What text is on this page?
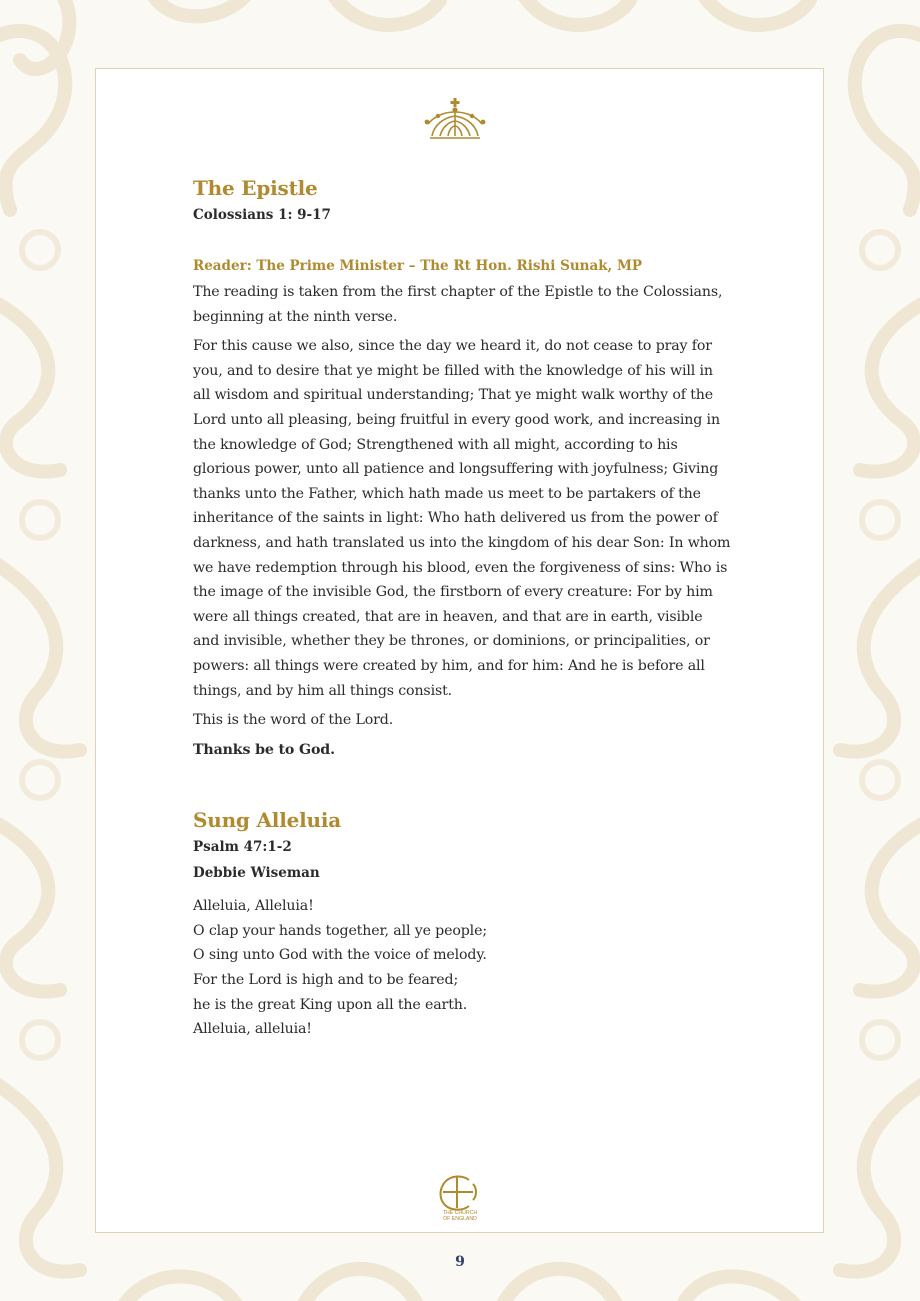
The Epistle

Colossians 1: 9-17

Reader: The Prime Minister – The Rt Hon. Rishi Sunak, MP

The reading is taken from the first chapter of the Epistle to the Colossians, beginning at the ninth verse.

For this cause we also, since the day we heard it, do not cease to pray for you, and to desire that ye might be filled with the knowledge of his will in all wisdom and spiritual understanding; That ye might walk worthy of the Lord unto all pleasing, being fruitful in every good work, and increasing in the knowledge of God; Strengthened with all might, according to his glorious power, unto all patience and longsuffering with joyfulness; Giving thanks unto the Father, which hath made us meet to be partakers of the inheritance of the saints in light: Who hath delivered us from the power of darkness, and hath translated us into the kingdom of his dear Son: In whom we have redemption through his blood, even the forgiveness of sins: Who is the image of the invisible God, the firstborn of every creature: For by him were all things created, that are in heaven, and that are in earth, visible and invisible, whether they be thrones, or dominions, or principalities, or powers: all things were created by him, and for him: And he is before all things, and by him all things consist.

This is the word of the Lord.

Thanks be to God.

Sung Alleluia

Psalm 47:1-2

Debbie Wiseman

Alleluia, Alleluia!
O clap your hands together, all ye people;
O sing unto God with the voice of melody.
For the Lord is high and to be feared;
he is the great King upon all the earth.
Alleluia, alleluia!
THE CHURCH
OF ENGLAND
9
